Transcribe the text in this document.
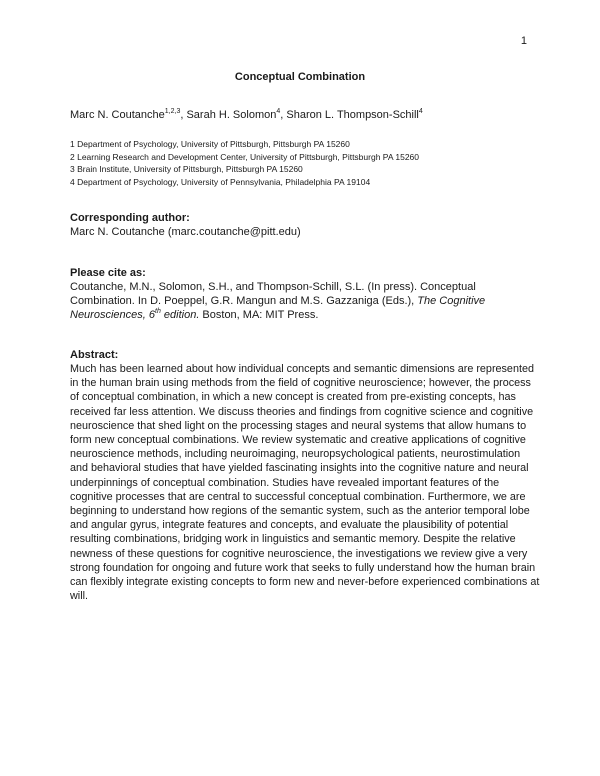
1
Conceptual Combination
Marc N. Coutanche$^{1,2,3}$, Sarah H. Solomon$^4$, Sharon L. Thompson-Schill$^4$
1 Department of Psychology, University of Pittsburgh, Pittsburgh PA 15260
2 Learning Research and Development Center, University of Pittsburgh, Pittsburgh PA 15260
3 Brain Institute, University of Pittsburgh, Pittsburgh PA 15260
4 Department of Psychology, University of Pennsylvania, Philadelphia PA 19104
Corresponding author:
Marc N. Coutanche (marc.coutanche@pitt.edu)
Please cite as:
Coutanche, M.N., Solomon, S.H., and Thompson-Schill, S.L. (In press). Conceptual Combination. In D. Poeppel, G.R. Mangun and M.S. Gazzaniga (Eds.), The Cognitive Neurosciences, 6th edition. Boston, MA: MIT Press.
Abstract:
Much has been learned about how individual concepts and semantic dimensions are represented in the human brain using methods from the field of cognitive neuroscience; however, the process of conceptual combination, in which a new concept is created from pre-existing concepts, has received far less attention. We discuss theories and findings from cognitive science and cognitive neuroscience that shed light on the processing stages and neural systems that allow humans to form new conceptual combinations. We review systematic and creative applications of cognitive neuroscience methods, including neuroimaging, neuropsychological patients, neurostimulation and behavioral studies that have yielded fascinating insights into the cognitive nature and neural underpinnings of conceptual combination. Studies have revealed important features of the cognitive processes that are central to successful conceptual combination. Furthermore, we are beginning to understand how regions of the semantic system, such as the anterior temporal lobe and angular gyrus, integrate features and concepts, and evaluate the plausibility of potential resulting combinations, bridging work in linguistics and semantic memory. Despite the relative newness of these questions for cognitive neuroscience, the investigations we review give a very strong foundation for ongoing and future work that seeks to fully understand how the human brain can flexibly integrate existing concepts to form new and never-before experienced combinations at will.
